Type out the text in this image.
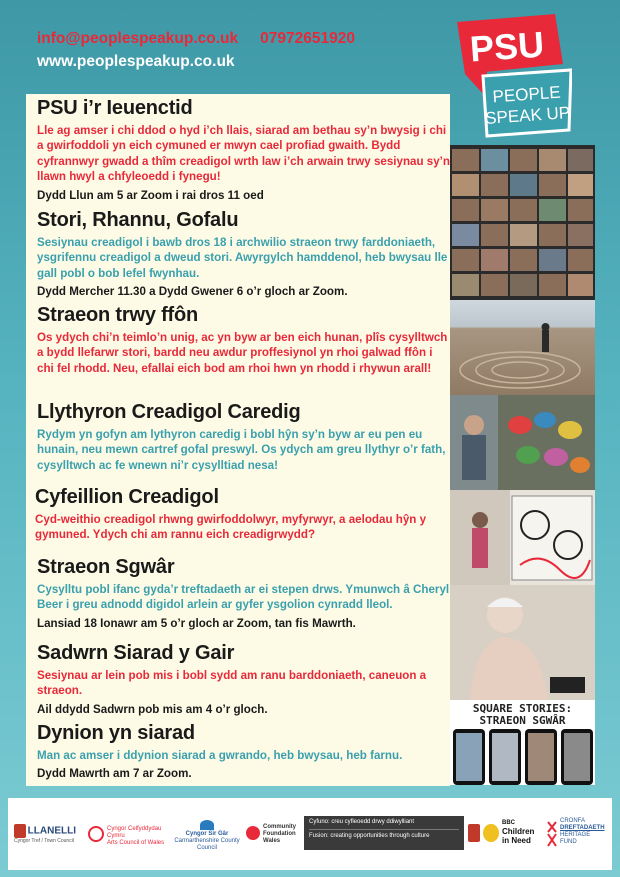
info@peoplespeakup.co.uk 07972651920
www.peoplespeakup.co.uk	PSU
PEOPLE
SPEAK UP
PSU i’r Ieuenctid

Lle ag amser i chi ddod o hyd i’ch llais, siarad am bethau sy’n bwysig i chi a gwirfoddoli yn eich cymuned er mwyn cael profiad gwaith. Bydd cyfrannwyr gwadd a thîm creadigol wrth law i’ch arwain trwy sesiynau sy’n llawn hwyl a chfyleoedd i fynegu!

Dydd Llun am 5 ar Zoom i rai dros 11 oed

Stori, Rhannu, Gofalu

Sesiynau creadigol i bawb dros 18 i archwilio straeon trwy farddoniaeth, ysgrifennu creadigol a dweud stori. Awyrgylch hamddenol, heb bwysau lle gall pobl o bob lefel fwynhau.

Dydd Mercher 11.30 a Dydd Gwener 6 o’r gloch ar Zoom.

Straeon trwy ffôn

Os ydych chi’n teimlo’n unig, ac yn byw ar ben eich hunan, plîs cysylltwch a bydd llefarwr stori, bardd neu awdur proffesiynol yn rhoi galwad ffôn i chi fel rhodd. Neu, efallai eich bod am rhoi hwn yn rhodd i rhywun arall!

Llythyron Creadigol Caredig

Rydym yn gofyn am lythyron caredig i bobl hŷn sy’n byw ar eu pen eu hunain, neu mewn cartref gofal preswyl. Os ydych am greu llythyr o’r fath, cysylltwch ac fe wnewn ni’r cysylltiad nesa!

Cyfeillion Creadigol

Cyd-weithio creadigol rhwng gwirfoddolwyr, myfyrwyr, a aelodau hŷn y gymuned. Ydych chi am rannu eich creadigrwydd?

Straeon Sgwâr

Cysylltu pobl ifanc gyda’r treftadaeth ar ei stepen drws. Ymunwch â Cheryl Beer i greu adnodd digidol arlein ar gyfer ysgolion cynradd lleol.

Lansiad 18 Ionawr am 5 o’r gloch ar Zoom, tan fis Mawrth.

Sadwrn Siarad y Gair

Sesiynau ar lein pob mis i bobl sydd am ranu barddoniaeth, caneuon a straeon.

Ail ddydd Sadwrn pob mis am 4 o’r gloch.

Dynion yn siarad

Man ac amser i ddynion siarad a gwrando, heb bwysau, heb farnu.

Dydd Mawrth am 7 ar Zoom.

SQUARE STORIES:
STRAEON SGWÂR
LLANELLI
Cyngor Tref / Town Council
Cyngor Celfyddydau Cymru
Arts Council of Wales
Cyngor Sir Gâr
Carmarthenshire County Council
Community Foundation Wales
Cyfuno: creu cyfleoedd drwy ddiwylliant
Fusion: creating opportunities through culture
BBC
Children
in Need
CRONFA
DREFTADAETH
HERITAGE
FUND
